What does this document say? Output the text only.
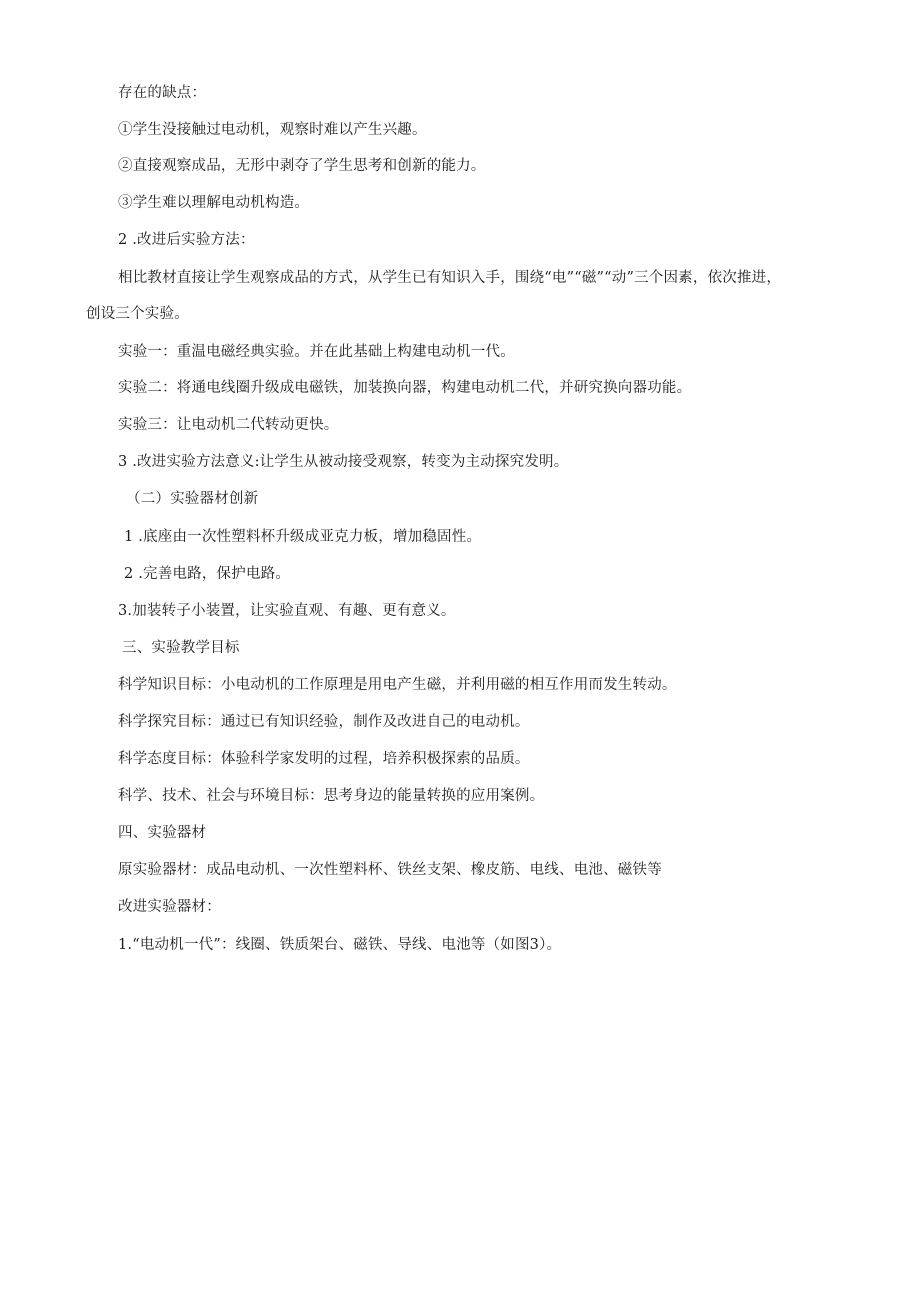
存在的缺点：
①学生没接触过电动机，观察时难以产生兴趣。
②直接观察成品，无形中剥夺了学生思考和创新的能力。
③学生难以理解电动机构造。
2 .改进后实验方法：
相比教材直接让学生观察成品的方式，从学生已有知识入手，围绕“电”“磁”“动”三个因素，依次推进，
创设三个实验。
实验一：重温电磁经典实验。并在此基础上构建电动机一代。
实验二：将通电线圈升级成电磁铁，加装换向器，构建电动机二代，并研究换向器功能。
实验三：让电动机二代转动更快。
3 .改进实验方法意义:让学生从被动接受观察，转变为主动探究发明。
（二）实验器材创新
1 .底座由一次性塑料杯升级成亚克力板，增加稳固性。
2 .完善电路，保护电路。
3.加装转子小装置，让实验直观、有趣、更有意义。
三、实验教学目标
科学知识目标：小电动机的工作原理是用电产生磁，并利用磁的相互作用而发生转动。
科学探究目标：通过已有知识经验，制作及改进自己的电动机。
科学态度目标：体验科学家发明的过程，培养积极探索的品质。
科学、技术、社会与环境目标：思考身边的能量转换的应用案例。
四、实验器材
原实验器材：成品电动机、一次性塑料杯、铁丝支架、橡皮筋、电线、电池、磁铁等
改进实验器材：
1.“电动机一代”：线圈、铁质架台、磁铁、导线、电池等（如图3）。
